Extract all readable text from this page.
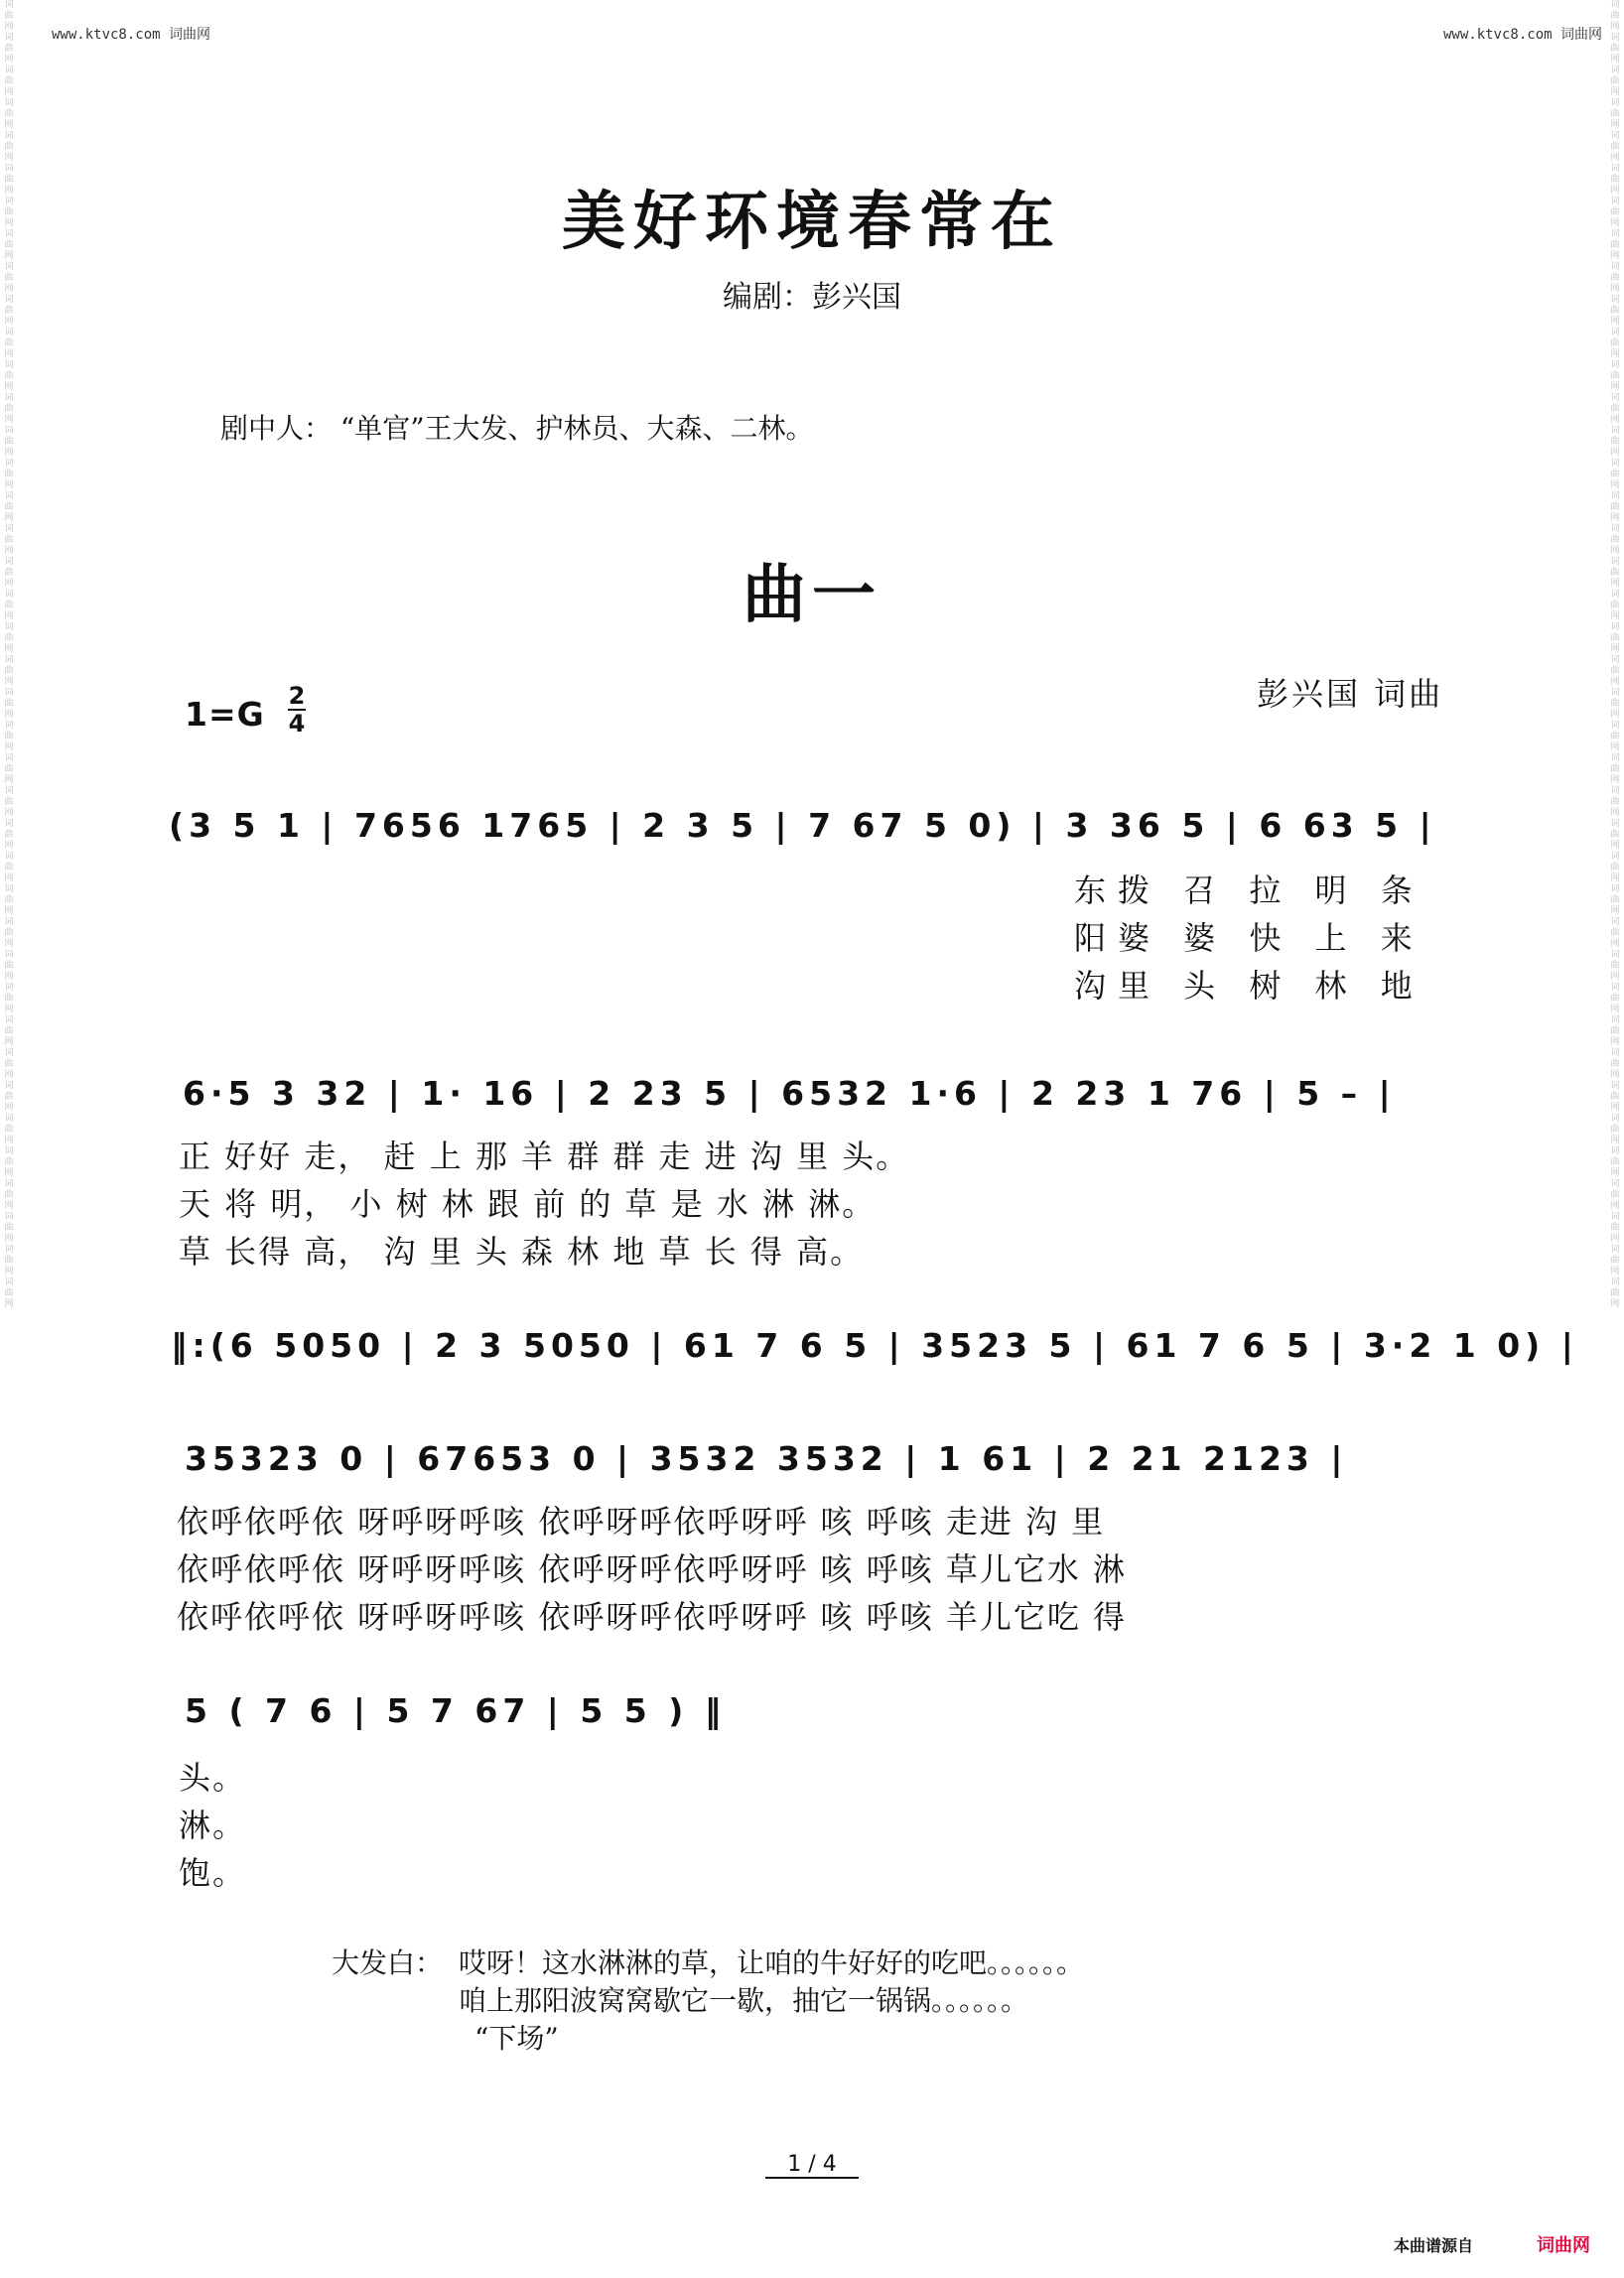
www.ktvc8.com 词曲网	www.ktvc8.com 词曲网
词曲网词曲网词曲网词曲网词曲网词曲网词曲网词曲网词曲网词曲网词曲网词曲网词曲网词曲网词曲网词曲网词曲网词曲网词曲网词曲网词曲网词曲网词曲网词曲网词曲网词曲网词曲网词曲网词曲网词曲网词曲网词曲网词曲网词曲网词曲网词曲网词曲网词曲网词曲网词曲网
词曲网词曲网词曲网词曲网词曲网词曲网词曲网词曲网词曲网词曲网词曲网词曲网词曲网词曲网词曲网词曲网词曲网词曲网词曲网词曲网词曲网词曲网词曲网词曲网词曲网词曲网词曲网词曲网词曲网词曲网词曲网词曲网词曲网词曲网词曲网词曲网词曲网词曲网词曲网词曲网
美好环境春常在
编剧：彭兴国
剧中人： “单官”王大发、护林员、大森、二林。
曲一
彭兴国 词曲
1=G 2
4
(3 5 1 | 7656 1765 | 2 3 5 | 7 67 5 0) | 3 36 5 | 6 63 5 |
东拨 召 拉 明 条
阳婆 婆 快 上 来
沟里 头 树 林 地
6·5 3 32 | 1· 16 | 2 23 5 | 6532 1·6 | 2 23 1 76 | 5 – |
正 好好 走， 赶 上 那 羊 群 群 走 进 沟 里 头。
天 将 明， 小 树 林 跟 前 的 草 是 水 淋 淋。
草 长得 高， 沟 里 头 森 林 地 草 长 得 高。
‖:(6 5050 | 2 3 5050 | 61 7 6 5 | 3523 5 | 61 7 6 5 | 3·2 1 0) |
35323 0 | 67653 0 | 3532 3532 | 1 61 | 2 21 2123 |
依呼依呼依 呀呼呀呼咳 依呼呀呼依呼呀呼 咳 呼咳 走进 沟 里
依呼依呼依 呀呼呀呼咳 依呼呀呼依呼呀呼 咳 呼咳 草儿它水 淋
依呼依呼依 呀呼呀呼咳 依呼呀呼依呼呀呼 咳 呼咳 羊儿它吃 得
5 ( 7 6 | 5 7 67 | 5 5 ) ‖
头。
淋。
饱。
大发白： 哎呀！这水淋淋的草，让咱的牛好好的吃吧。。。。。。
咱上那阳波窝窝歇它一歇，抽它一锅锅。。。。。。
“下场”
1 / 4
本曲谱源自	词曲网
